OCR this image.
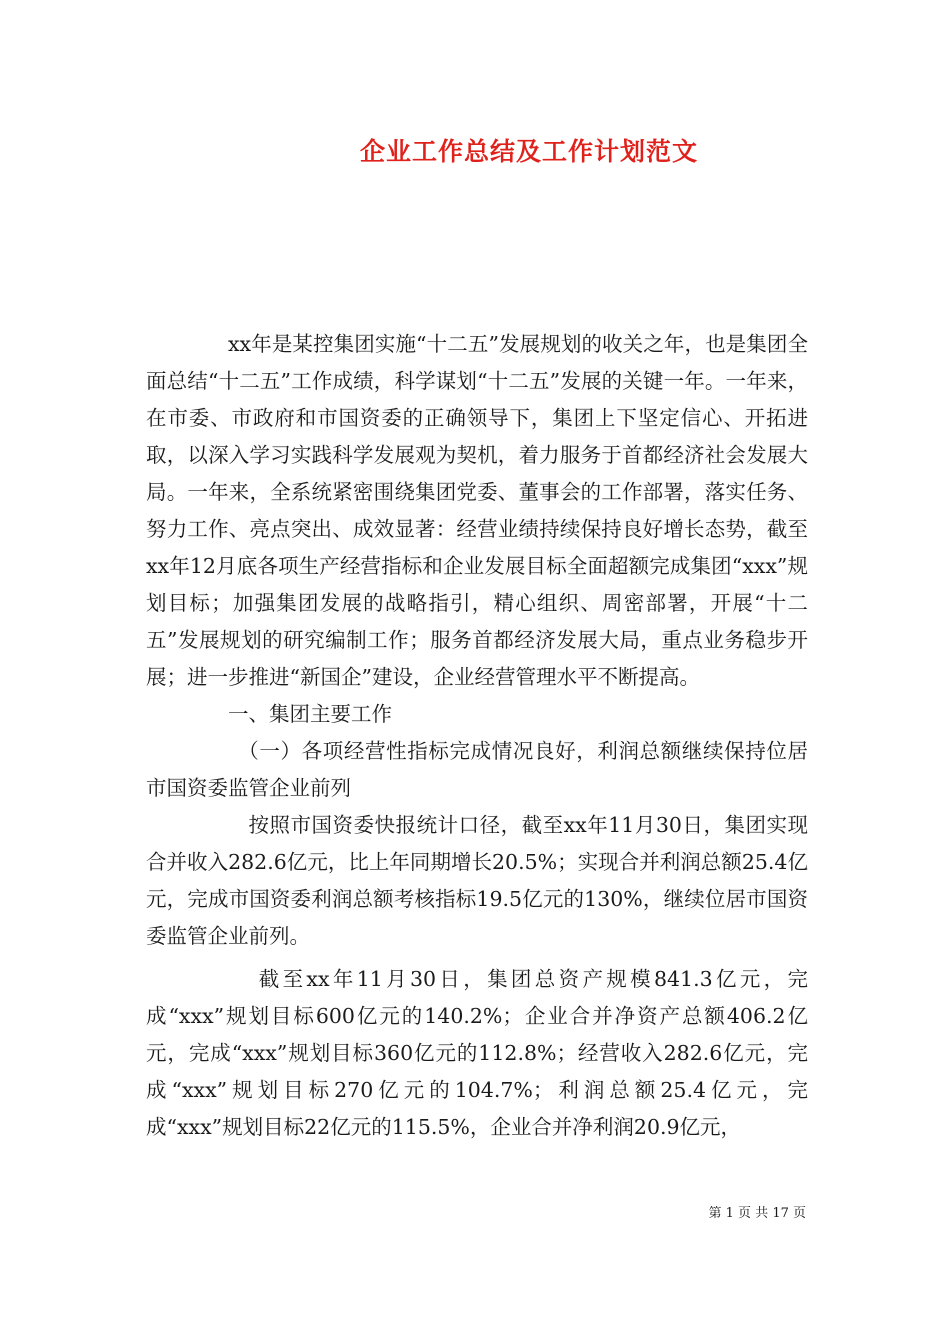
企业工作总结及工作计划范文

xx年是某控集团实施“十二五”发展规划的收关之年，也是集团全面总结“十二五”工作成绩，科学谋划“十二五”发展的关键一年。一年来，在市委、市政府和市国资委的正确领导下，集团上下坚定信心、开拓进取，以深入学习实践科学发展观为契机，着力服务于首都经济社会发展大局。一年来，全系统紧密围绕集团党委、董事会的工作部署，落实任务、努力工作、亮点突出、成效显著：经营业绩持续保持良好增长态势，截至xx年12月底各项生产经营指标和企业发展目标全面超额完成集团“xxx”规划目标；加强集团发展的战略指引，精心组织、周密部署，开展“十二五”发展规划的研究编制工作；服务首都经济发展大局，重点业务稳步开展；进一步推进“新国企”建设，企业经营管理水平不断提高。

一、集团主要工作

（一）各项经营性指标完成情况良好，利润总额继续保持位居市国资委监管企业前列

按照市国资委快报统计口径，截至xx年11月30日，集团实现合并收入282.6亿元，比上年同期增长20.5%；实现合并利润总额25.4亿元，完成市国资委利润总额考核指标19.5亿元的130%，继续位居市国资委监管企业前列。

截至xx年11月30日，集团总资产规模841.3亿元，完成“xxx”规划目标600亿元的140.2%；企业合并净资产总额406.2亿元，完成“xxx”规划目标360亿元的112.8%；经营收入282.6亿元，完成“xxx”规划目标270亿元的104.7%；利润总额25.4亿元，完成“xxx”规划目标22亿元的115.5%，企业合并净利润20.9亿元，

第 1 页 共 17 页
